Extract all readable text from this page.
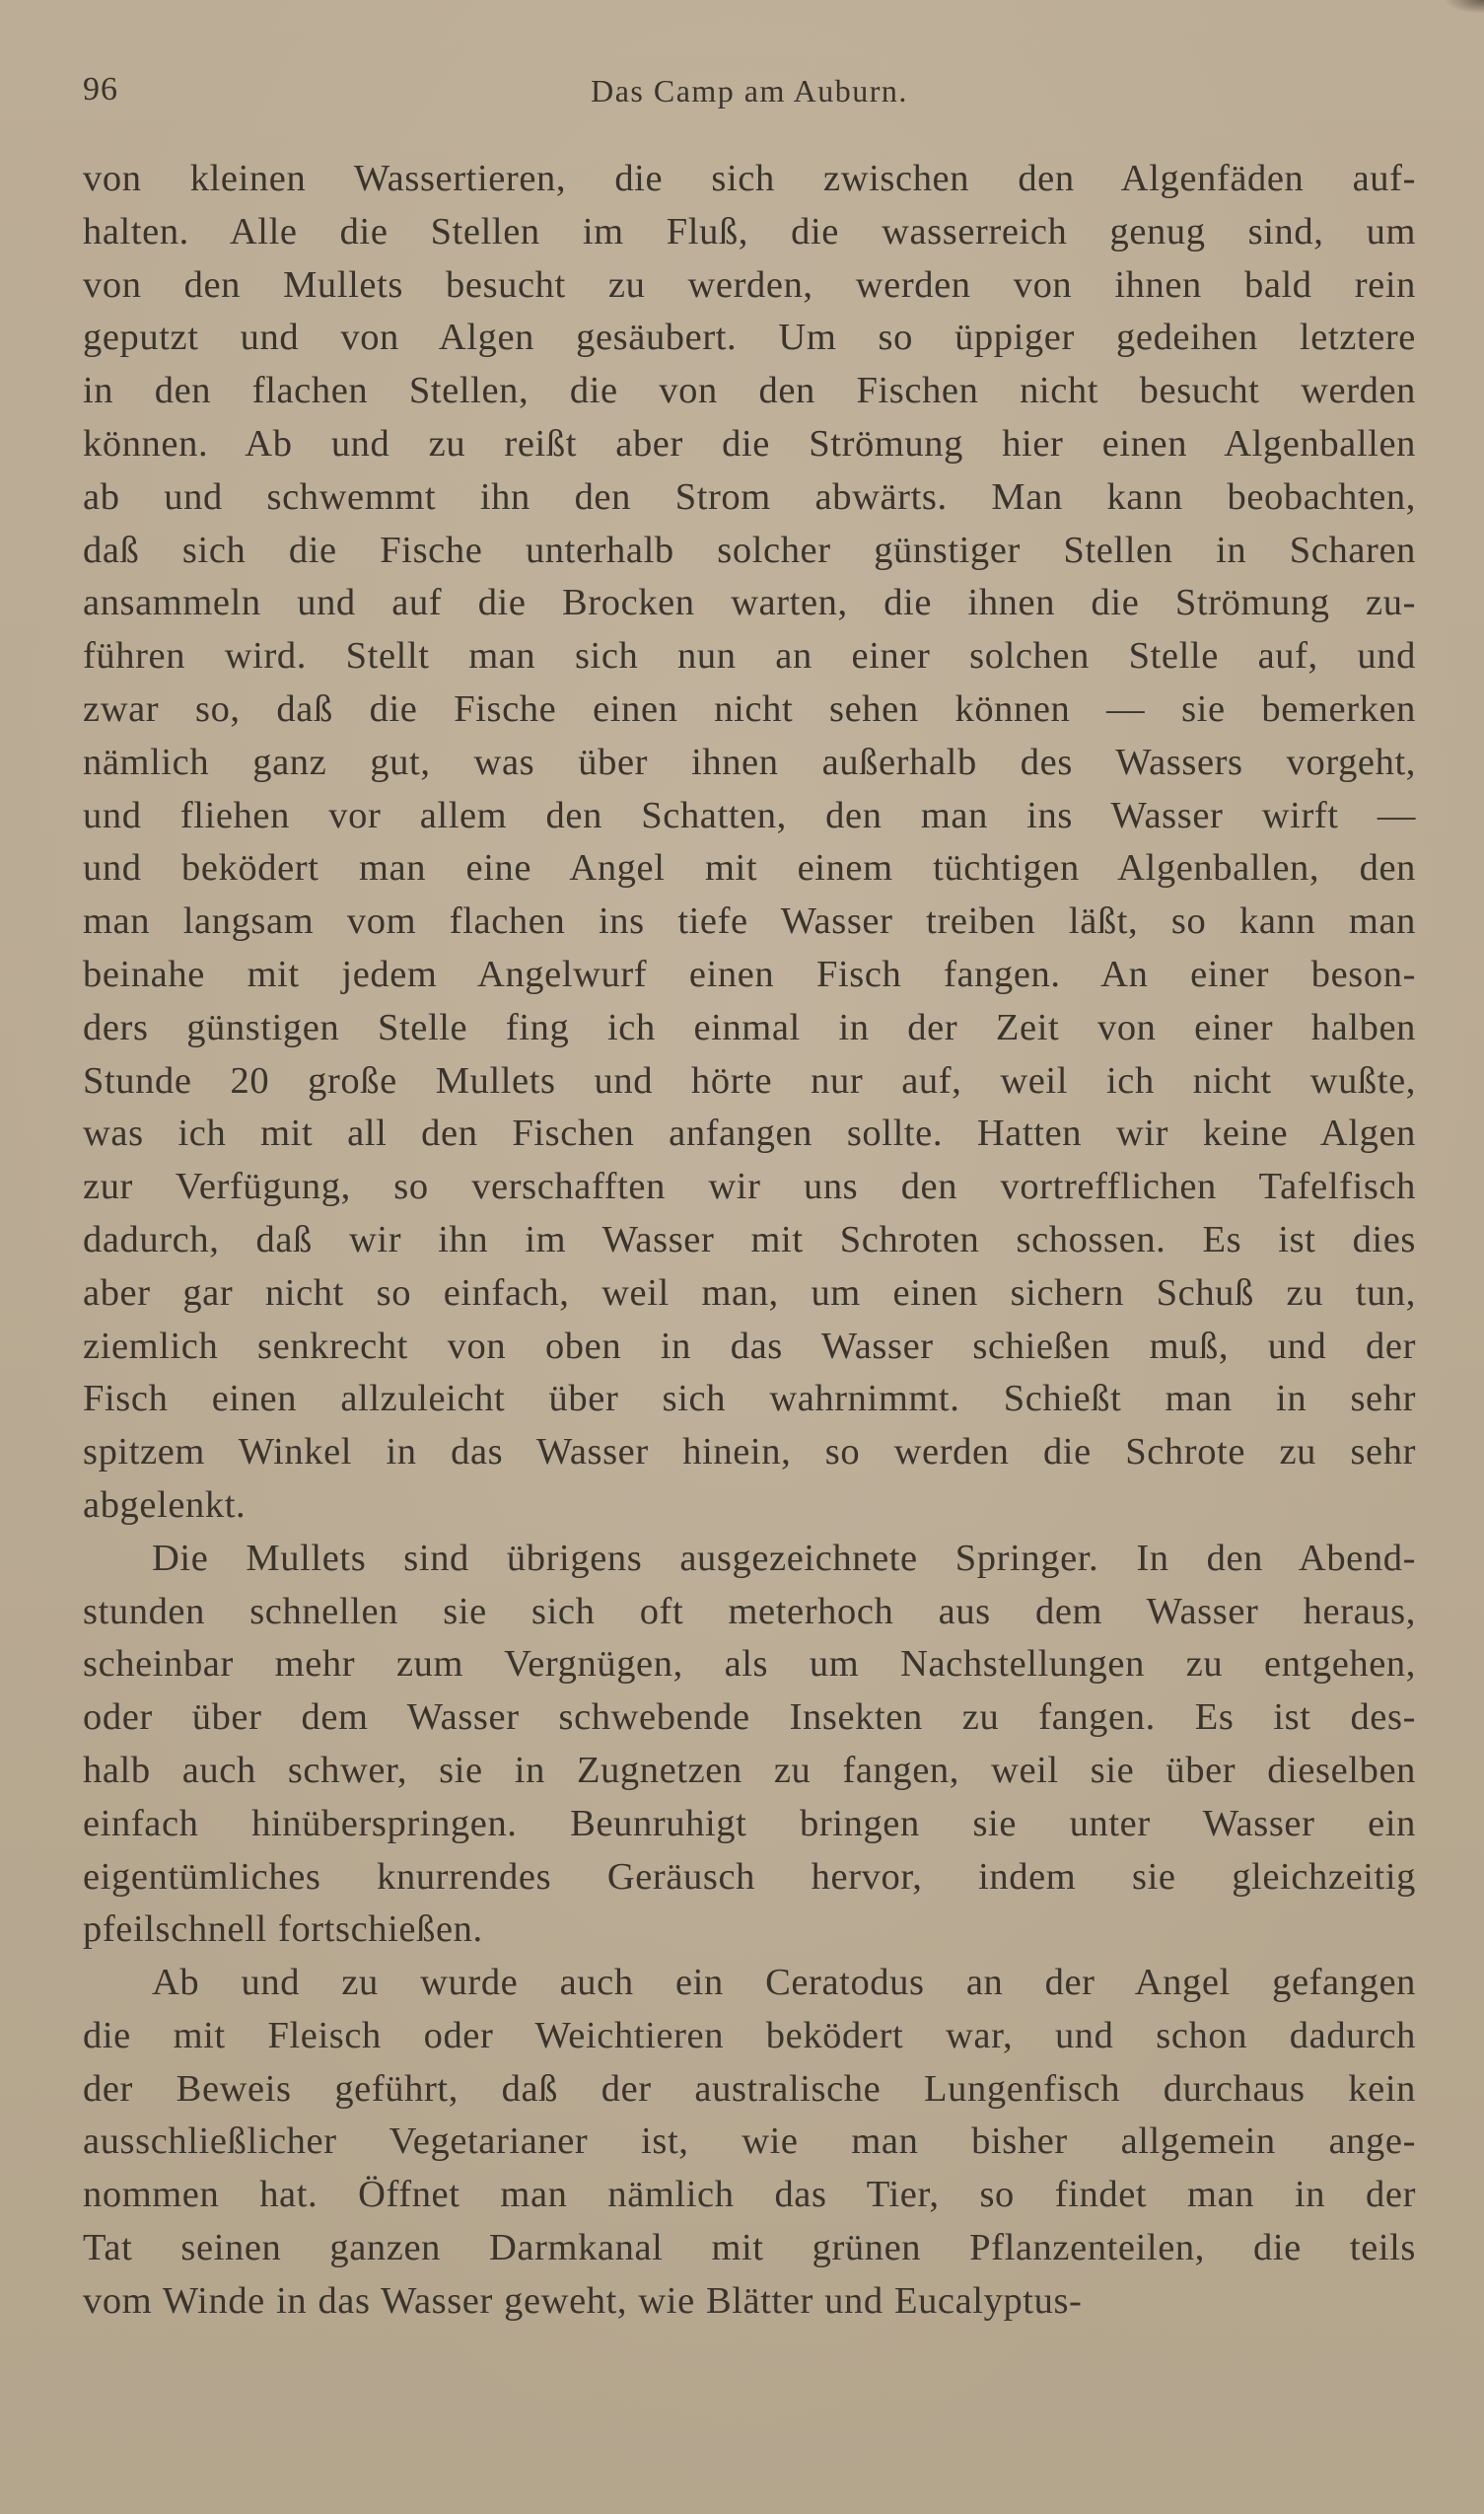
96	Das Camp am Auburn.
von kleinen Wassertieren, die sich zwischen den Algenfäden auf-
halten. Alle die Stellen im Fluß, die wasserreich genug sind, um
von den Mullets besucht zu werden, werden von ihnen bald rein
geputzt und von Algen gesäubert. Um so üppiger gedeihen letztere
in den flachen Stellen, die von den Fischen nicht besucht werden
können. Ab und zu reißt aber die Strömung hier einen Algenballen
ab und schwemmt ihn den Strom abwärts. Man kann beobachten,
daß sich die Fische unterhalb solcher günstiger Stellen in Scharen
ansammeln und auf die Brocken warten, die ihnen die Strömung zu-
führen wird. Stellt man sich nun an einer solchen Stelle auf, und
zwar so, daß die Fische einen nicht sehen können — sie bemerken
nämlich ganz gut, was über ihnen außerhalb des Wassers vorgeht,
und fliehen vor allem den Schatten, den man ins Wasser wirft —
und beködert man eine Angel mit einem tüchtigen Algenballen, den
man langsam vom flachen ins tiefe Wasser treiben läßt, so kann man
beinahe mit jedem Angelwurf einen Fisch fangen. An einer beson-
ders günstigen Stelle fing ich einmal in der Zeit von einer halben
Stunde 20 große Mullets und hörte nur auf, weil ich nicht wußte,
was ich mit all den Fischen anfangen sollte. Hatten wir keine Algen
zur Verfügung, so verschafften wir uns den vortrefflichen Tafelfisch
dadurch, daß wir ihn im Wasser mit Schroten schossen. Es ist dies
aber gar nicht so einfach, weil man, um einen sichern Schuß zu tun,
ziemlich senkrecht von oben in das Wasser schießen muß, und der
Fisch einen allzuleicht über sich wahrnimmt. Schießt man in sehr
spitzem Winkel in das Wasser hinein, so werden die Schrote zu sehr
abgelenkt.
Die Mullets sind übrigens ausgezeichnete Springer. In den Abend-
stunden schnellen sie sich oft meterhoch aus dem Wasser heraus,
scheinbar mehr zum Vergnügen, als um Nachstellungen zu entgehen,
oder über dem Wasser schwebende Insekten zu fangen. Es ist des-
halb auch schwer, sie in Zugnetzen zu fangen, weil sie über dieselben
einfach hinüberspringen. Beunruhigt bringen sie unter Wasser ein
eigentümliches knurrendes Geräusch hervor, indem sie gleichzeitig
pfeilschnell fortschießen.
Ab und zu wurde auch ein Ceratodus an der Angel gefangen
die mit Fleisch oder Weichtieren beködert war, und schon dadurch
der Beweis geführt, daß der australische Lungenfisch durchaus kein
ausschließlicher Vegetarianer ist, wie man bisher allgemein ange-
nommen hat. Öffnet man nämlich das Tier, so findet man in der
Tat seinen ganzen Darmkanal mit grünen Pflanzenteilen, die teils
vom Winde in das Wasser geweht, wie Blätter und Eucalyptus-
